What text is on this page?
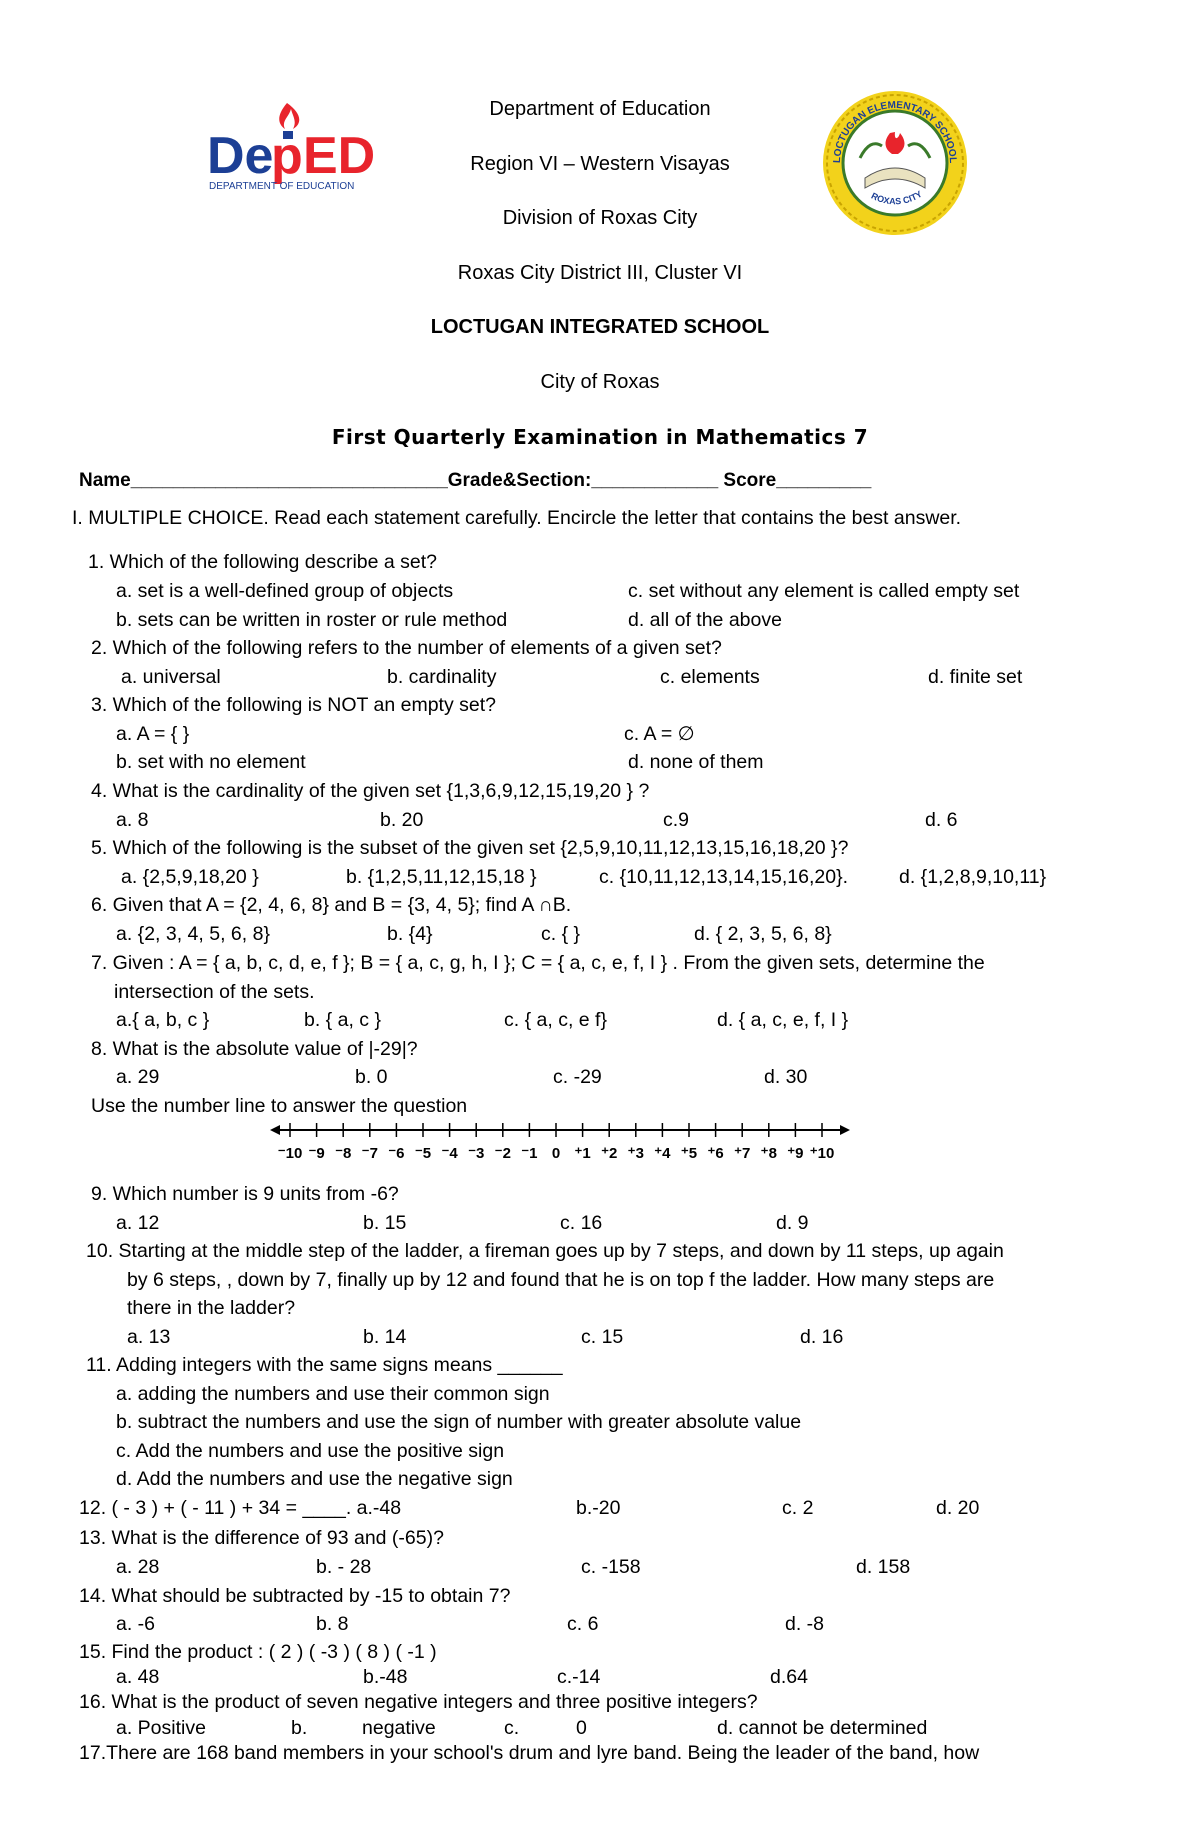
De
p ED
DEPARTMENT OF EDUCATION
Department of Education
Region VI – Western Visayas
Division of Roxas City
Roxas City District III, Cluster VI
LOCTUGAN INTEGRATED SCHOOL
City of Roxas
First Quarterly Examination in Mathematics 7
LOCTUGAN ELEMENTARY SCHOOL
ROXAS CITY
Name______________________________Grade&Section:____________ Score_________
I. MULTIPLE CHOICE. Read each statement carefully. Encircle the letter that contains the best answer.
1. Which of the following describe a set?
a. set is a well-defined group of objects	c. set without any element is called empty set
b. sets can be written in roster or rule method	d. all of the above
2. Which of the following refers to the number of elements of a given set?
a. universal	b. cardinality	c. elements	d. finite set
3. Which of the following is NOT an empty set?
a. A = { }	c. A = ∅
b. set with no element	d. none of them
4. What is the cardinality of the given set {1,3,6,9,12,15,19,20 } ?
a. 8	b. 20	c.9	d. 6
5. Which of the following is the subset of the given set {2,5,9,10,11,12,13,15,16,18,20 }?
a. {2,5,9,18,20 }	b. {1,2,5,11,12,15,18 }	c. {10,11,12,13,14,15,16,20}.	d. {1,2,8,9,10,11}
6. Given that A = {2, 4, 6, 8} and B = {3, 4, 5}; find A ∩B.
a. {2, 3, 4, 5, 6, 8}	b. {4}	c. { }	d. { 2, 3, 5, 6, 8}
7. Given : A = { a, b, c, d, e, f }; B = { a, c, g, h, I }; C = { a, c, e, f, I } . From the given sets, determine the
intersection of the sets.
a.{ a, b, c }	b. { a, c }	c. { a, c, e f}	d. { a, c, e, f, I }
8. What is the absolute value of |-29|?
a. 29	b. 0	c. -29	d. 30
Use the number line to answer the question
⁻10 ⁻9 ⁻8 ⁻7 ⁻6 ⁻5 ⁻4 ⁻3 ⁻2 ⁻1 0 ⁺1 ⁺2 ⁺3 ⁺4 ⁺5 ⁺6 ⁺7 ⁺8 ⁺9 ⁺10
9. Which number is 9 units from -6?
a. 12	b. 15	c. 16	d. 9
10. Starting at the middle step of the ladder, a fireman goes up by 7 steps, and down by 11 steps, up again
by 6 steps, , down by 7, finally up by 12 and found that he is on top f the ladder. How many steps are
there in the ladder?
a. 13	b. 14	c. 15	d. 16
11. Adding integers with the same signs means ______
a. adding the numbers and use their common sign
b. subtract the numbers and use the sign of number with greater absolute value
c. Add the numbers and use the positive sign
d. Add the numbers and use the negative sign
12. ( - 3 ) + ( - 11 ) + 34 = ____. a.-48	b.-20	c. 2	d. 20
13. What is the difference of 93 and (-65)?
a. 28	b. - 28	c. -158	d. 158
14. What should be subtracted by -15 to obtain 7?
a. -6	b. 8	c. 6	d. -8
15. Find the product : ( 2 ) ( -3 ) ( 8 ) ( -1 )
a. 48	b.-48	c.-14	d.64
16. What is the product of seven negative integers and three positive integers?
a. Positive	b.	negative	c.	0	d. cannot be determined
17.There are 168 band members in your school's drum and lyre band. Being the leader of the band, how
